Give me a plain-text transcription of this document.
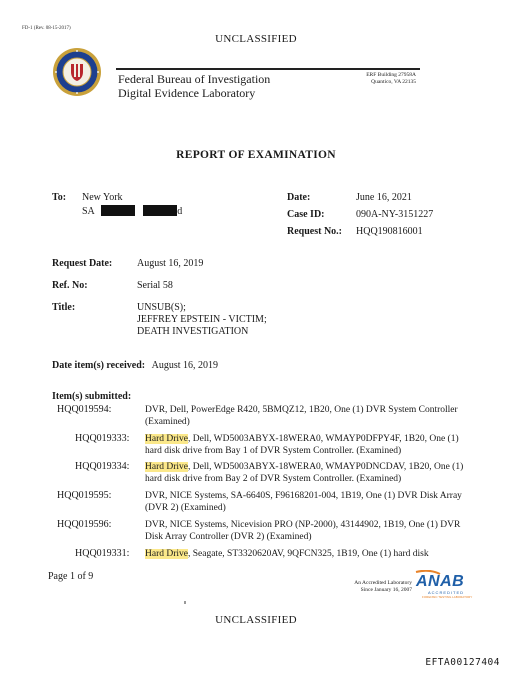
FD-1 (Rev. 08-15-2017)
UNCLASSIFIED
Federal Bureau of Investigation
Digital Evidence Laboratory
ERF Building 27958A
Quantico, VA 22135
REPORT OF EXAMINATION
To: New York
SA	d
Date:	June 16, 2021
Case ID:	090A-NY-3151227
Request No.: HQQ190816001
Request Date: August 16, 2019
Ref. No:	Serial 58
Title:	UNSUB(S);
JEFFREY EPSTEIN - VICTIM;
DEATH INVESTIGATION
Date item(s) received: August 16, 2019
Item(s) submitted:
HQQ019594:	DVR, Dell, PowerEdge R420, 5BMQZ12, 1B20, One (1) DVR System Controller (Examined)
HQQ019333: Hard Drive, Dell, WD5003ABYX-18WERA0, WMAYP0DFPY4F, 1B20, One (1) hard disk drive from Bay 1 of DVR System Controller. (Examined)
HQQ019334: Hard Drive, Dell, WD5003ABYX-18WERA0, WMAYP0DNCDAV, 1B20, One (1) hard disk drive from Bay 2 of DVR System Controller. (Examined)
HQQ019595:	DVR, NICE Systems, SA-6640S, F96168201-004, 1B19, One (1) DVR Disk Array (DVR 2) (Examined)
HQQ019596:	DVR, NICE Systems, Nicevision PRO (NP-2000), 43144902, 1B19, One (1) DVR Disk Array Controller (DVR 2) (Examined)
HQQ019331: Hard Drive, Seagate, ST3320620AV, 9QFCN325, 1B19, One (1) hard disk
Page 1 of 9
An Accredited Laboratory
Since January 16, 2007 ANAB
ACCREDITED
FORENSIC TESTING LABORATORY
UNCLASSIFIED
EFTA00127404
